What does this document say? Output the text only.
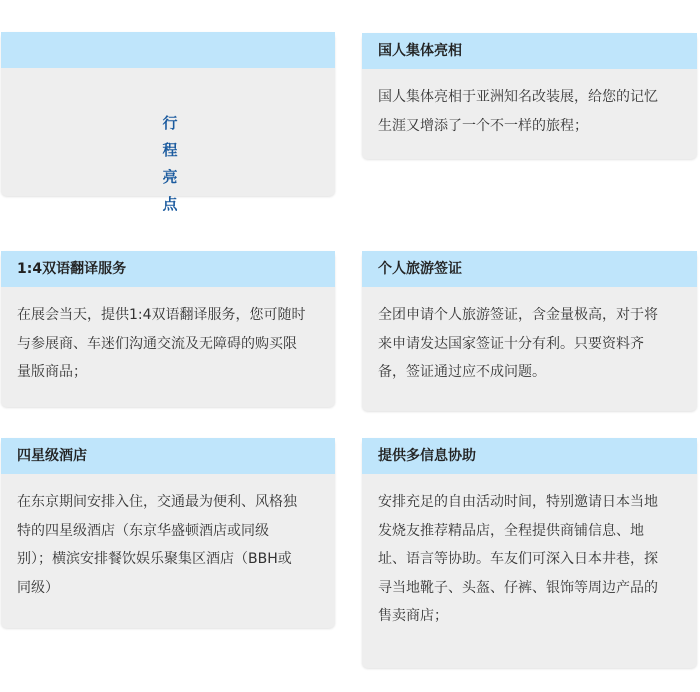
行
程
亮
点
国人集体亮相
国人集体亮相于亚洲知名改装展，给您的记忆
生涯又增添了一个不一样的旅程；
1:4双语翻译服务
在展会当天，提供1:4双语翻译服务，您可随时
与参展商、车迷们沟通交流及无障碍的购买限
量版商品；
个人旅游签证
全团申请个人旅游签证，含金量极高，对于将
来申请发达国家签证十分有利。只要资料齐
备，签证通过应不成问题。
四星级酒店
在东京期间安排入住，交通最为便利、风格独
特的四星级酒店（东京华盛顿酒店或同级
别）；横滨安排餐饮娱乐聚集区酒店（BBH或
同级）
提供多信息协助
安排充足的自由活动时间，特别邀请日本当地
发烧友推荐精品店，全程提供商铺信息、地
址、语言等协助。车友们可深入日本井巷，探
寻当地靴子、头盔、仔裤、银饰等周边产品的
售卖商店；
